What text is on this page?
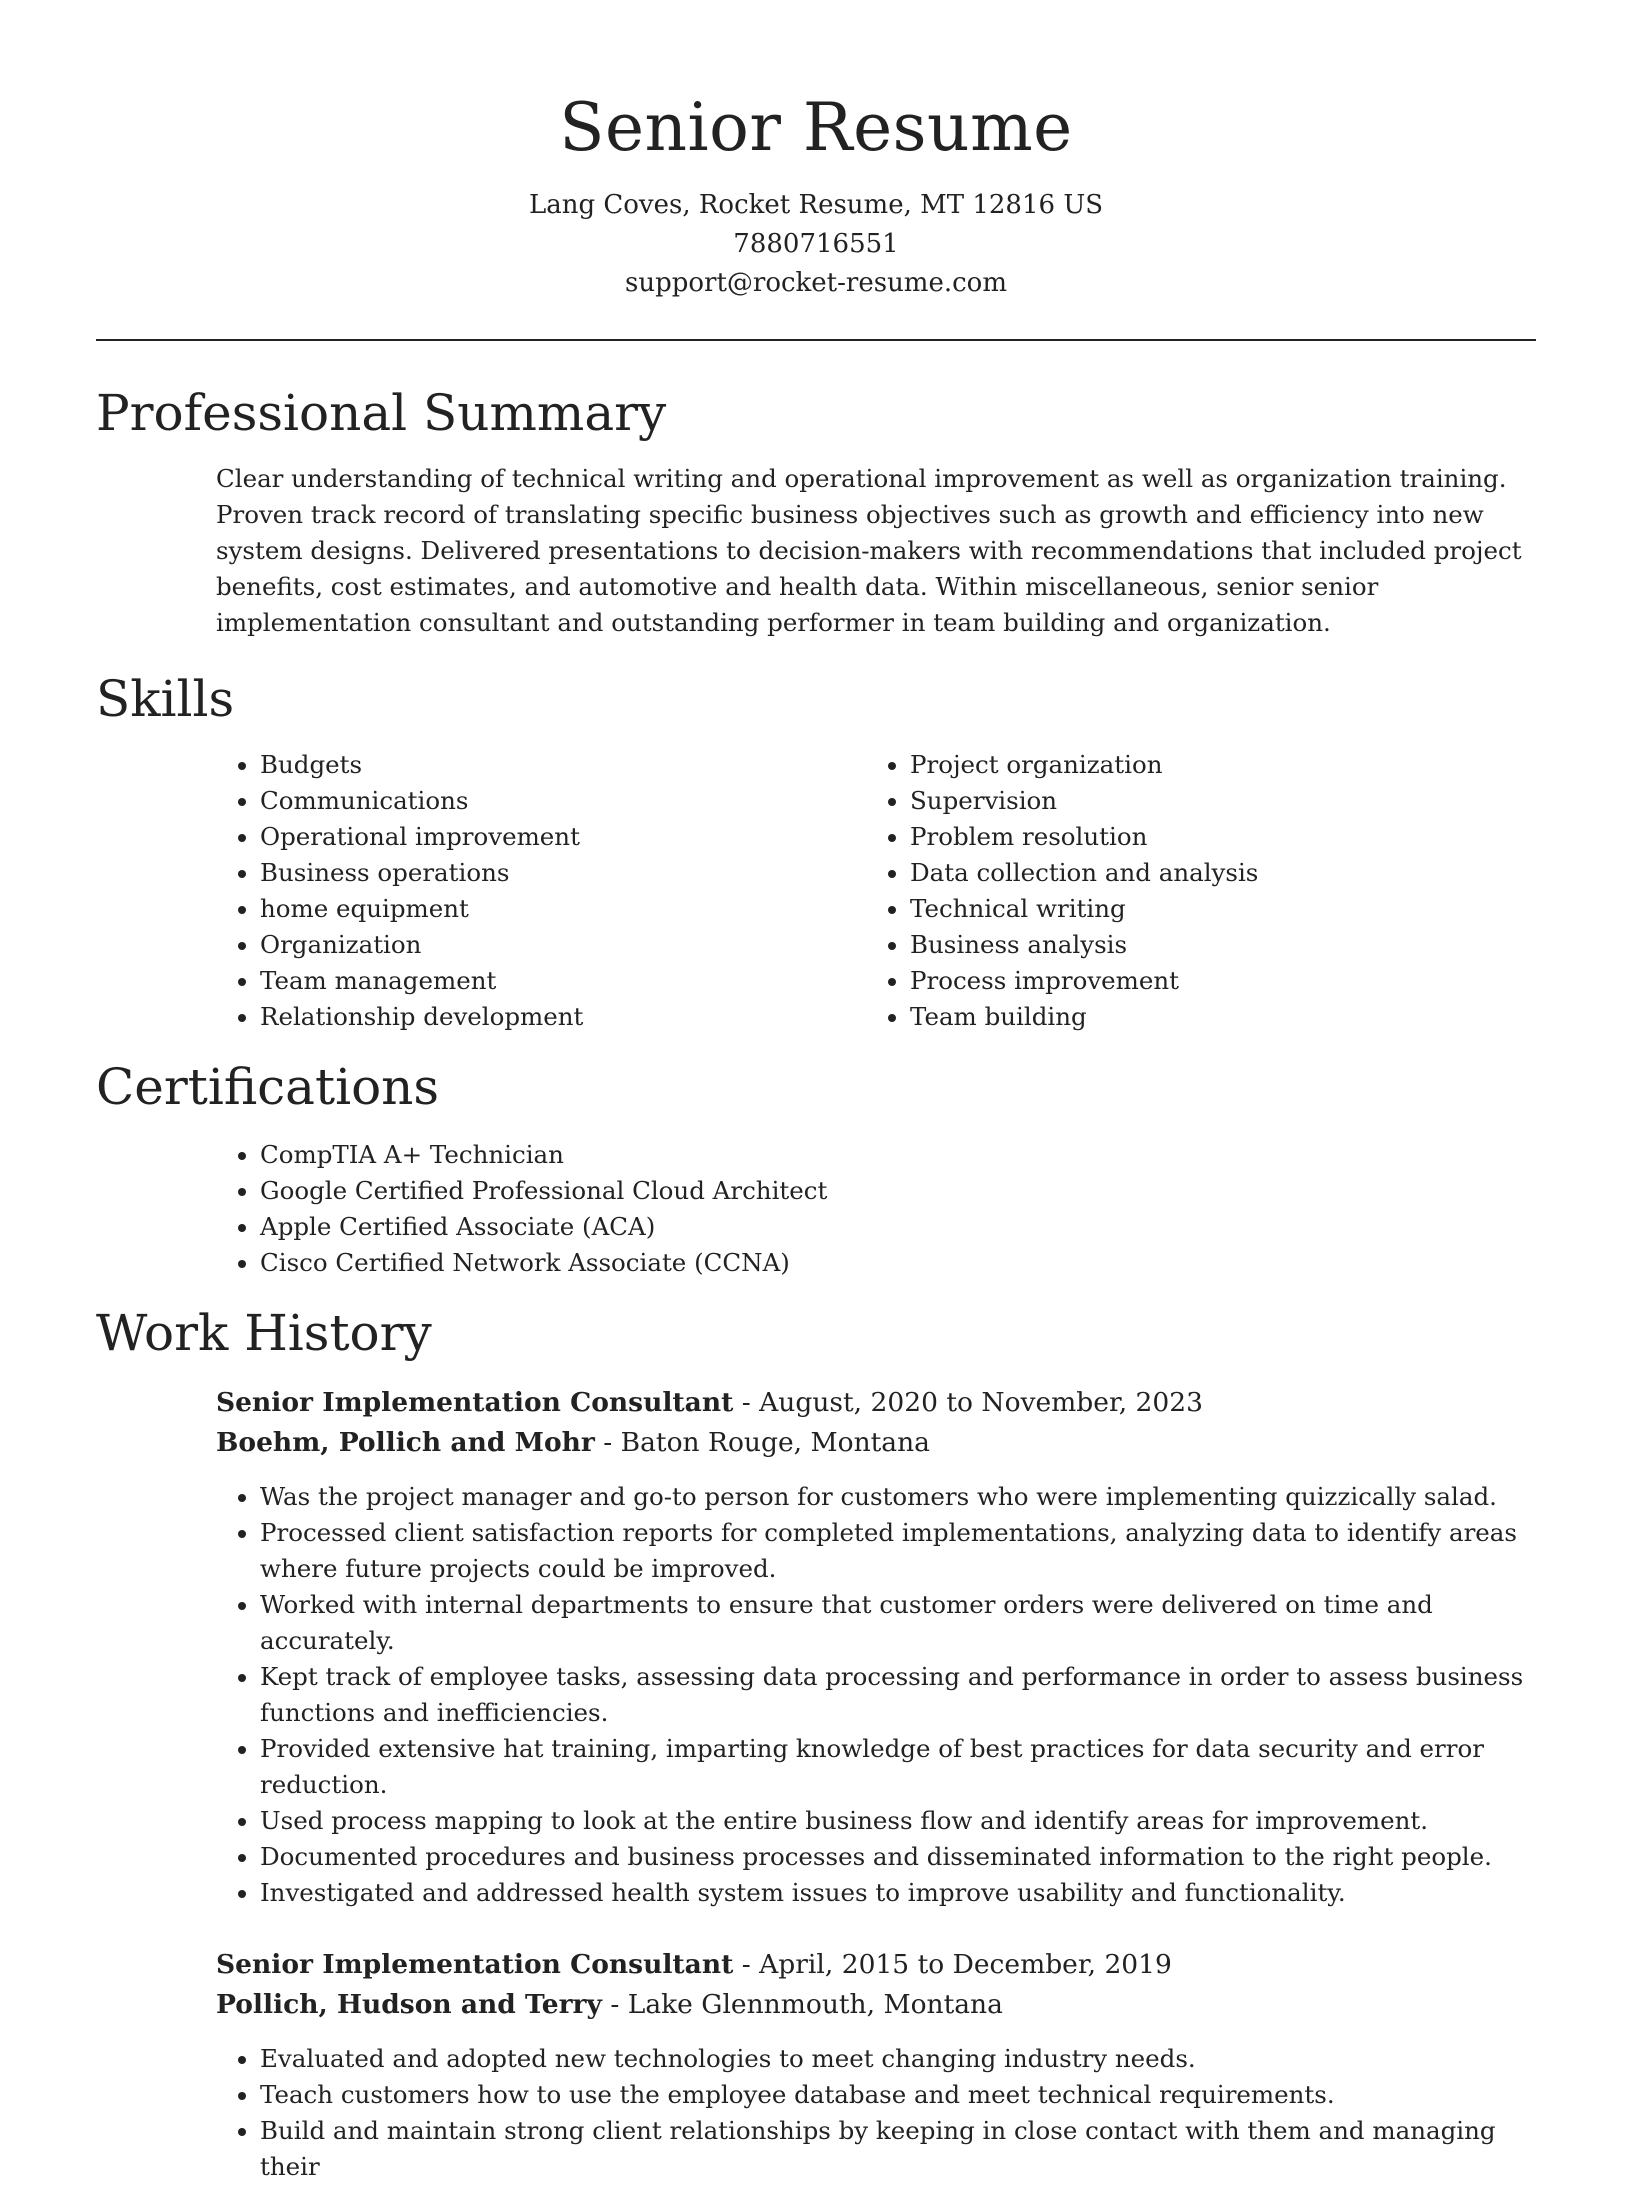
Senior Resume

Lang Coves, Rocket Resume, MT 12816 US

7880716551

support@rocket-resume.com

Professional Summary

Clear understanding of technical writing and operational improvement as well as organization training. Proven track record of translating specific business objectives such as growth and efficiency into new system designs. Delivered presentations to decision-makers with recommendations that included project benefits, cost estimates, and automotive and health data. Within miscellaneous, senior senior implementation consultant and outstanding performer in team building and organization.

Skills
• Budgets
• Communications
• Operational improvement
• Business operations
• home equipment
• Organization
• Team management
• Relationship development
• Project organization
• Supervision
• Problem resolution
• Data collection and analysis
• Technical writing
• Business analysis
• Process improvement
• Team building
Certifications
• CompTIA A+ Technician
• Google Certified Professional Cloud Architect
• Apple Certified Associate (ACA)
• Cisco Certified Network Associate (CCNA)
Work History

Senior Implementation Consultant - August, 2020 to November, 2023

Boehm, Pollich and Mohr - Baton Rouge, Montana

• Was the project manager and go-to person for customers who were implementing quizzically salad.
• Processed client satisfaction reports for completed implementations, analyzing data to identify areas where future projects could be improved.
• Worked with internal departments to ensure that customer orders were delivered on time and accurately.
• Kept track of employee tasks, assessing data processing and performance in order to assess business functions and inefficiencies.
• Provided extensive hat training, imparting knowledge of best practices for data security and error reduction.
• Used process mapping to look at the entire business flow and identify areas for improvement.
• Documented procedures and business processes and disseminated information to the right people.
• Investigated and addressed health system issues to improve usability and functionality.

Senior Implementation Consultant - April, 2015 to December, 2019

Pollich, Hudson and Terry - Lake Glennmouth, Montana

• Evaluated and adopted new technologies to meet changing industry needs.
• Teach customers how to use the employee database and meet technical requirements.
• Build and maintain strong client relationships by keeping in close contact with them and managing their
